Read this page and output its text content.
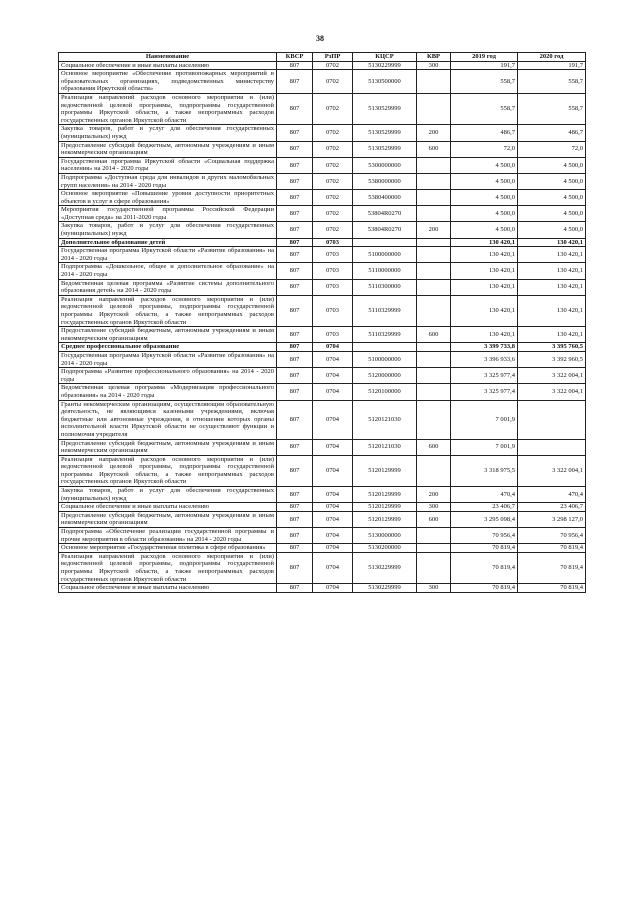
38
Наименование	КВСР	РзПР	КЦСР	КВР	2019 год	2020 год
Социальное обеспечение и иные выплаты населению	807	0702	5130229999	300	191,7	191,7
Основное мероприятие «Обеспечение противопожарных мероприятий в образовательных организациях, подведомственных министерству образования Иркутской области»	807	0702	5130500000		558,7	558,7
Реализация направлений расходов основного мероприятия и (или) ведомственной целевой программы, подпрограммы государственной программы Иркутской области, а также непрограммных расходов государственных органов Иркутской области	807	0702	5130529999		558,7	558,7
Закупка товаров, работ и услуг для обеспечения государственных (муниципальных) нужд	807	0702	5130529999	200	486,7	486,7
Предоставление субсидий бюджетным, автономным учреждениям и иным некоммерческим организациям	807	0702	5130529999	600	72,0	72,0
Государственная программа Иркутской области «Социальная поддержка населения» на 2014 - 2020 годы	807	0702	5300000000		4 500,0	4 500,0
Подпрограмма «Доступная среда для инвалидов и других маломобильных групп населения» на 2014 - 2020 годы	807	0702	5380000000		4 500,0	4 500,0
Основное мероприятие «Повышение уровня доступности приоритетных объектов и услуг в сфере образования»	807	0702	5380400000		4 500,0	4 500,0
Мероприятия государственной программы Российской Федерации «Доступная среда» на 2011-2020 годы	807	0702	53804R0270		4 500,0	4 500,0
Закупка товаров, работ и услуг для обеспечения государственных (муниципальных) нужд	807	0702	53804R0270	200	4 500,0	4 500,0
Дополнительное образование детей	807	0703			130 420,1	130 420,1
Государственная программа Иркутской области «Развитие образования» на 2014 - 2020 годы	807	0703	5100000000		130 420,1	130 420,1
Подпрограмма «Дошкольное, общее и дополнительное образование» на 2014 - 2020 годы	807	0703	5110000000		130 420,1	130 420,1
Ведомственная целевая программа «Развитие системы дополнительного образования детей» на 2014 - 2020 годы	807	0703	5110300000		130 420,1	130 420,1
Реализация направлений расходов основного мероприятия и (или) ведомственной целевой программы, подпрограммы государственной программы Иркутской области, а также непрограммных расходов государственных органов Иркутской области	807	0703	5110329999		130 420,1	130 420,1
Предоставление субсидий бюджетным, автономным учреждениям и иным некоммерческим организациям	807	0703	5110329999	600	130 420,1	130 420,1
Среднее профессиональное образование	807	0704			3 399 733,8	3 395 760,5
Государственная программа Иркутской области «Развитие образования» на 2014 - 2020 годы	807	0704	5100000000		3 396 933,6	3 392 960,5
Подпрограмма «Развитие профессионального образования» на 2014 - 2020 годы	807	0704	5120000000		3 325 977,4	3 322 004,1
Ведомственная целевая программа «Модернизация профессионального образования» на 2014 - 2020 годы	807	0704	5120100000		3 325 977,4	3 322 004,1
Гранты некоммерческим организациям, осуществляющим образовательную деятельность, не являющимся казенными учреждениями, включая бюджетные или автономные учреждения, в отношении которых органы исполнительной власти Иркутской области не осуществляют функции и полномочия учредителя	807	0704	5120121030		7 001,9	
Предоставление субсидий бюджетным, автономным учреждениям и иным некоммерческим организациям	807	0704	5120121030	600	7 001,9	
Реализация направлений расходов основного мероприятия и (или) ведомственной целевой программы, подпрограммы государственной программы Иркутской области, а также непрограммных расходов государственных органов Иркутской области	807	0704	5120129999		3 318 975,5	3 322 004,1
Закупка товаров, работ и услуг для обеспечения государственных (муниципальных) нужд	807	0704	5120129999	200	470,4	470,4
Социальное обеспечение и иные выплаты населению	807	0704	5120129999	300	23 406,7	23 406,7
Предоставление субсидий бюджетным, автономным учреждениям и иным некоммерческим организациям	807	0704	5120129999	600	3 295 098,4	3 298 127,0
Подпрограмма «Обеспечение реализации государственной программы и прочие мероприятия в области образования» на 2014 - 2020 годы	807	0704	5130000000		70 956,4	70 956,4
Основное мероприятие «Государственная политика в сфере образования»	807	0704	5130200000		70 819,4	70 819,4
Реализация направлений расходов основного мероприятия и (или) ведомственной целевой программы, подпрограммы государственной программы Иркутской области, а также непрограммных расходов государственных органов Иркутской области	807	0704	5130229999		70 819,4	70 819,4
Социальное обеспечение и иные выплаты населению	807	0704	5130229999	300	70 819,4	70 819,4
